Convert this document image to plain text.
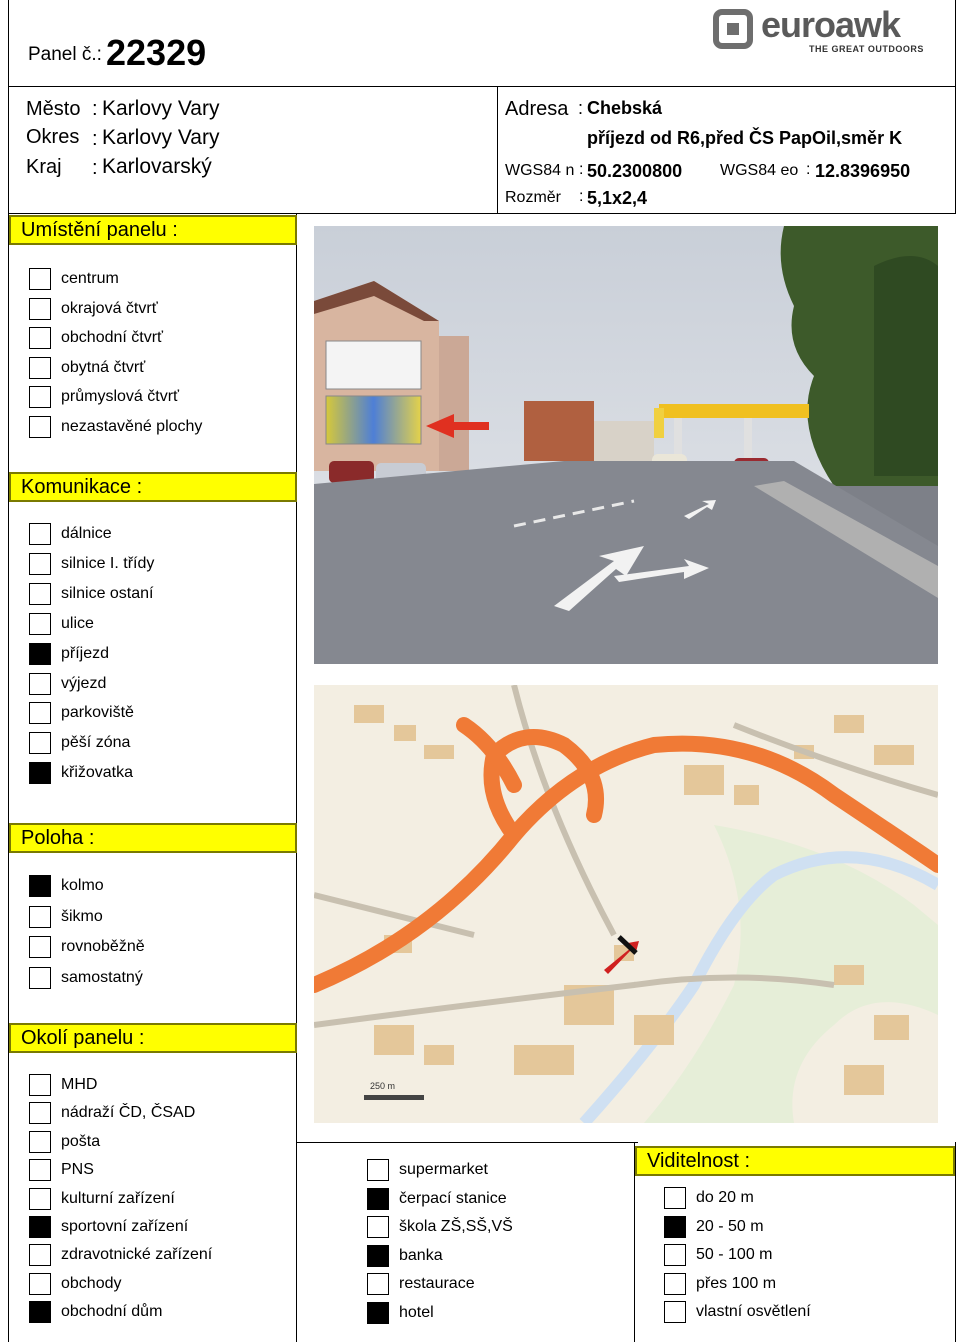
Panel č.: 22329
euroawk
THE GREAT OUTDOORS
Město : Karlovy Vary
Okres : Karlovy Vary
Kraj : Karlovarský
Adresa : Chebská
příjezd od R6,před ČS PapOil,směr K
WGS84 n : 50.2300800 WGS84 eo : 12.8396950
Rozměr : 5,1x2,4
Umístění panelu :
Komunikace :
Poloha :
Okolí panelu :
Viditelnost :
centrum
okrajová čtvrť
obchodní čtvrť
obytná čtvrť
průmyslová čtvrť
nezastavěné plochy
dálnice
silnice I. třídy
silnice ostaní
ulice
příjezd
výjezd
parkoviště
pěší zóna
křižovatka
kolmo
šikmo
rovnoběžně
samostatný
MHD
nádraží ČD, ČSAD
pošta
PNS
kulturní zařízení
sportovní zařízení
zdravotnické zařízení
obchody
obchodní dům
supermarket
čerpací stanice
škola ZŠ,SŠ,VŠ
banka
restaurace
hotel
do 20 m
20 - 50 m
50 - 100 m
přes 100 m
vlastní osvětlení
250 m
